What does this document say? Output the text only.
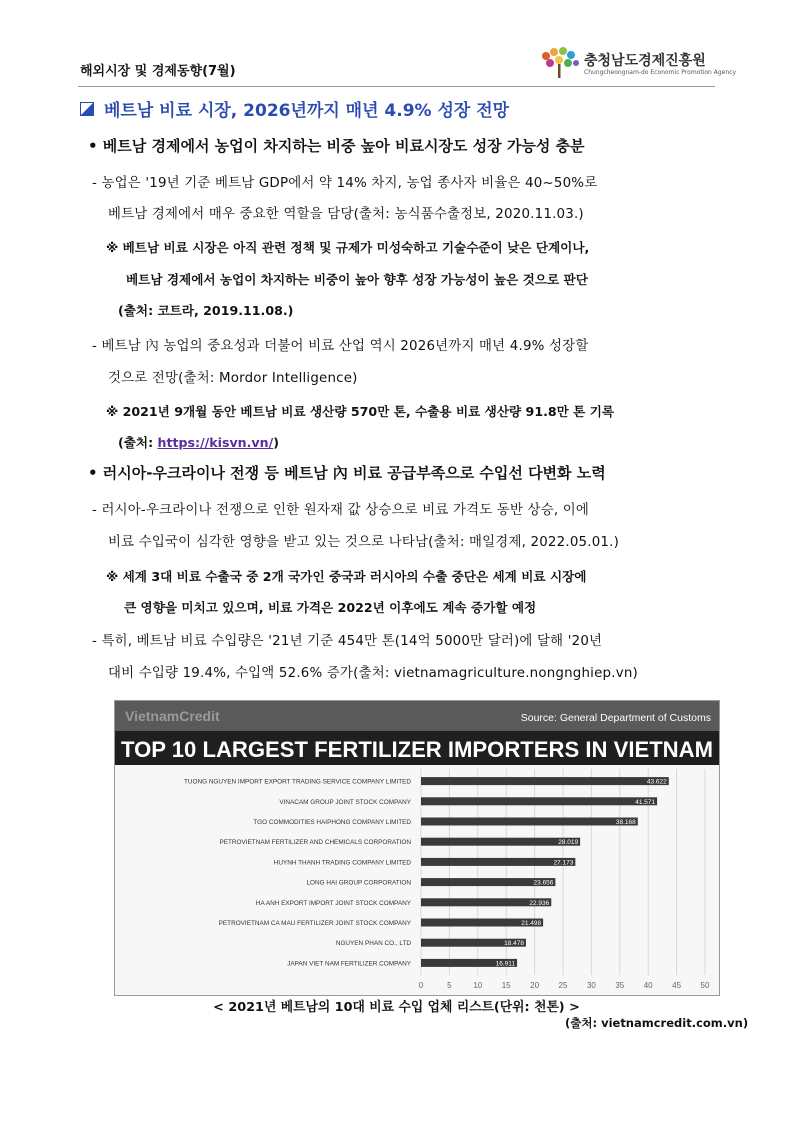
해외시장 및 경제동향(7월)
충청남도경제진흥원
Chungcheongnam-do Economic Promotion Agency
베트남 비료 시장, 2026년까지 매년 4.9% 성장 전망
• 베트남 경제에서 농업이 차지하는 비중 높아 비료시장도 성장 가능성 충분
- 농업은 '19년 기준 베트남 GDP에서 약 14% 차지, 농업 종사자 비율은 40~50%로
베트남 경제에서 매우 중요한 역할을 담당(출처: 농식품수출정보, 2020.11.03.)
※ 베트남 비료 시장은 아직 관련 정책 및 규제가 미성숙하고 기술수준이 낮은 단계이나,
베트남 경제에서 농업이 차지하는 비중이 높아 향후 성장 가능성이 높은 것으로 판단
(출처: 코트라, 2019.11.08.)
- 베트남 內 농업의 중요성과 더불어 비료 산업 역시 2026년까지 매년 4.9% 성장할
것으로 전망(출처: Mordor Intelligence)
※ 2021년 9개월 동안 베트남 비료 생산량 570만 톤, 수출용 비료 생산량 91.8만 톤 기록
(출처: https://kisvn.vn/)
• 러시아-우크라이나 전쟁 등 베트남 內 비료 공급부족으로 수입선 다변화 노력
- 러시아-우크라이나 전쟁으로 인한 원자재 값 상승으로 비료 가격도 동반 상승, 이에
비료 수입국이 심각한 영향을 받고 있는 것으로 나타남(출처: 매일경제, 2022.05.01.)
※ 세계 3대 비료 수출국 중 2개 국가인 중국과 러시아의 수출 중단은 세계 비료 시장에
큰 영향을 미치고 있으며, 비료 가격은 2022년 이후에도 계속 증가할 예정
- 특히, 베트남 비료 수입량은 '21년 기준 454만 톤(14억 5000만 달러)에 달해 '20년
대비 수입량 19.4%, 수입액 52.6% 증가(출처: vietnamagriculture.nongnghiep.vn)
VietnamCredit	Source: General Department of Customs
TOP 10 LARGEST FERTILIZER IMPORTERS IN VIETNAM
TUONG NGUYEN IMPORT EXPORT TRADING SERVICE COMPANY LIMITED	43.622
VINACAM GROUP JOINT STOCK COMPANY	41.571
TGO COMMODITIES HAIPHONG COMPANY LIMITED	38.168
PETROVIETNAM FERTILIZER AND CHEMICALS CORPORATION	28.019
HUYNH THANH TRADING COMPANY LIMITED	27.173
LONG HAI GROUP CORPORATION	23.656
HA ANH EXPORT IMPORT JOINT STOCK COMPANY	22.936
PETROVIETNAM CA MAU FERTILIZER JOINT STOCK COMPANY	21.498
NGUYEN PHAN CO., LTD	18.478
JAPAN VIET NAM FERTILIZER COMPANY	16.911
0	5	10 15 20 25 30 35 40 45 50
< 2021년 베트남의 10대 비료 수입 업체 리스트(단위: 천톤) >
(출처: vietnamcredit.com.vn)
